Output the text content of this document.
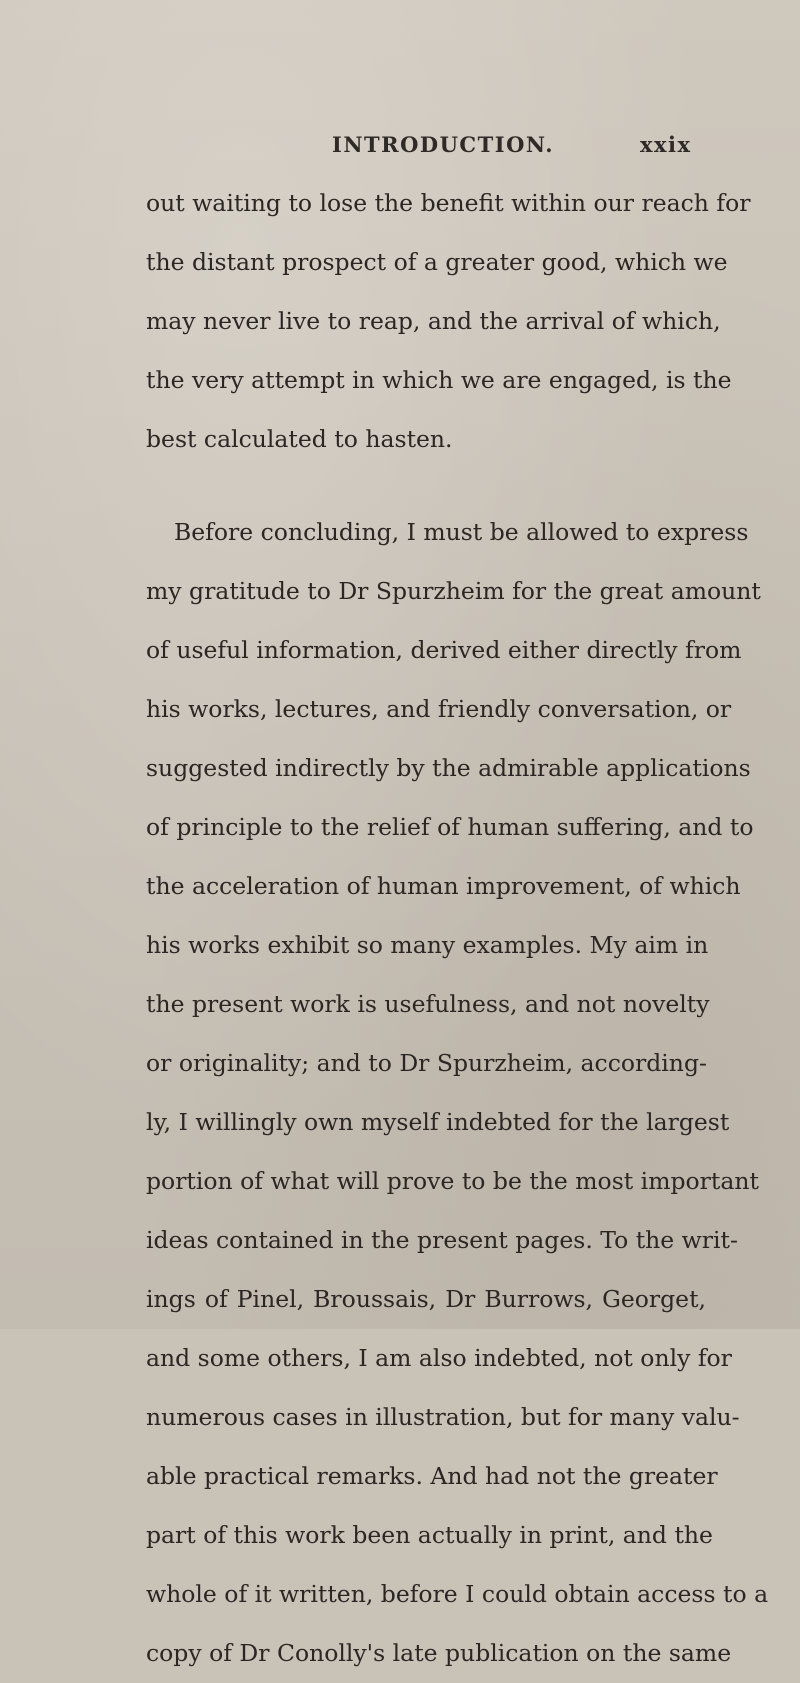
INTRODUCTION.	xxix
out waiting to lose the benefit within our reach for
the distant prospect of a greater good, which we
may never live to reap, and the arrival of which,
the very attempt in which we are engaged, is the
best calculated to hasten.
Before concluding, I must be allowed to express
my gratitude to Dr Spurzheim for the great amount
of useful information, derived either directly from
his works, lectures, and friendly conversation, or
suggested indirectly by the admirable applications
of principle to the relief of human suffering, and to
the acceleration of human improvement, of which
his works exhibit so many examples. My aim in
the present work is usefulness, and not novelty
or originality; and to Dr Spurzheim, according-
ly, I willingly own myself indebted for the largest
portion of what will prove to be the most important
ideas contained in the present pages. To the writ-
ings of Pinel, Broussais, Dr Burrows, Georget,
and some others, I am also indebted, not only for
numerous cases in illustration, but for many valu-
able practical remarks. And had not the greater
part of this work been actually in print, and the
whole of it written, before I could obtain access to a
copy of Dr Conolly's late publication on the same
